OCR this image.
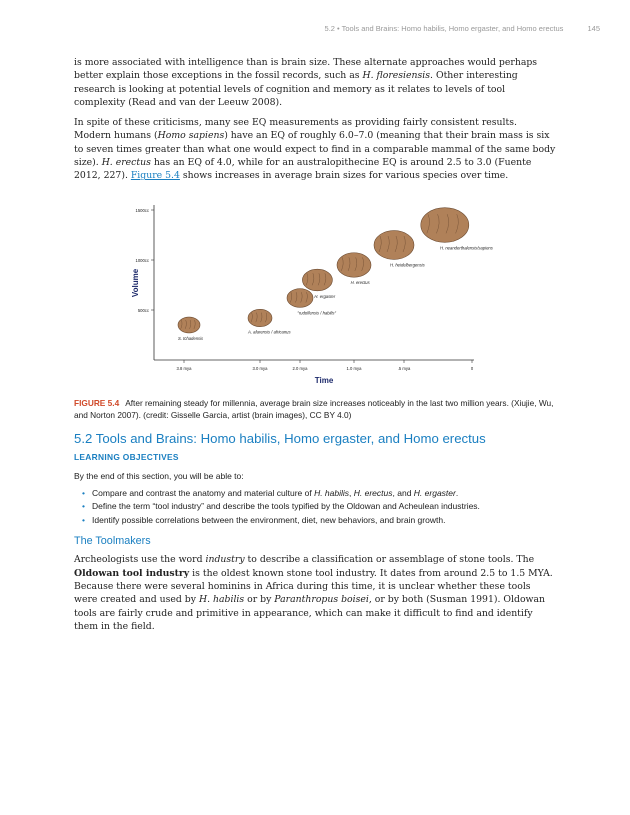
5.2 • Tools and Brains: Homo habilis, Homo ergaster, and Homo erectus	145

is more associated with intelligence than is brain size. These alternate approaches would perhaps better explain those exceptions in the fossil records, such as H. floresiensis. Other interesting research is looking at potential levels of cognition and memory as it relates to levels of tool complexity (Read and van der Leeuw 2008).

In spite of these criticisms, many see EQ measurements as providing fairly consistent results. Modern humans (Homo sapiens) have an EQ of roughly 6.0–7.0 (meaning that their brain mass is six to seven times greater than what one would expect to find in a comparable mammal of the same body size). H. erectus has an EQ of 4.0, while for an australopithecine EQ is around 2.5 to 3.0 (Fuente 2012, 227). Figure 5.4 shows increases in average brain sizes for various species over time.

500cc
1000cc
1500cc
3.8 mya	3.0 mya	2.0 mya	1.0 mya	.5 mya	0
Time
Volume
S. tchadensis
A. afarensis / africanus
"rudolfensis / habilis"
H. ergaster
H. erectus
H. heidelbergensis
H. neanderthalensis/sapiens

FIGURE 5.4 After remaining steady for millennia, average brain size increases noticeably in the last two million years. (Xiujie, Wu, and Norton 2007). (credit: Gisselle Garcia, artist (brain images), CC BY 4.0)

5.2 Tools and Brains: Homo habilis, Homo ergaster, and Homo erectus
LEARNING OBJECTIVES

By the end of this section, you will be able to:

• Compare and contrast the anatomy and material culture of H. habilis, H. erectus, and H. ergaster.
• Define the term “tool industry” and describe the tools typified by the Oldowan and Acheulean industries.
• Identify possible correlations between the environment, diet, new behaviors, and brain growth.
The Toolmakers

Archeologists use the word industry to describe a classification or assemblage of stone tools. The Oldowan tool industry is the oldest known stone tool industry. It dates from around 2.5 to 1.5 MYA. Because there were several hominins in Africa during this time, it is unclear whether these tools were created and used by H. habilis or by Paranthropus boisei, or by both (Susman 1991). Oldowan tools are fairly crude and primitive in appearance, which can make it difficult to find and identify them in the field.
